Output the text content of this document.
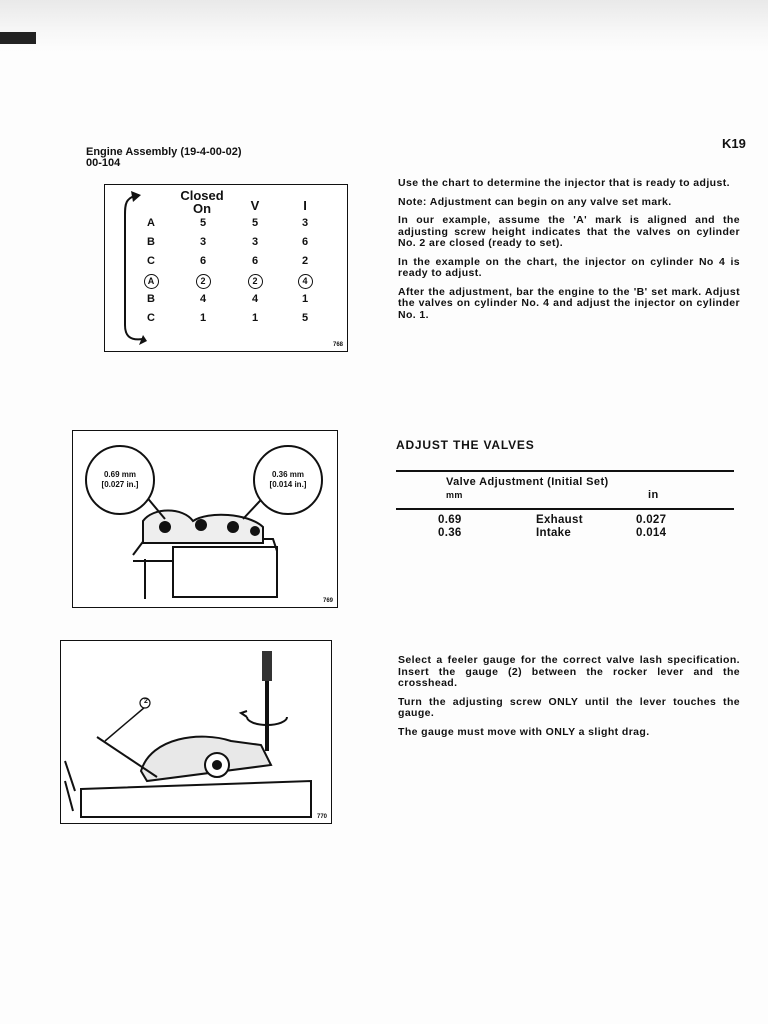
Engine Assembly (19-4-00-02)
00-104
K19
Closed
On	V	I
A	5	5	3
B	3	3	6
C	6	6	2
A	2	2	4
B	4	4	1
C	1	1	5
768
0.69 mm
[0.027 in.]
0.36 mm
[0.014 in.]
769
2
770

Use the chart to determine the injector that is ready to adjust.

Note: Adjustment can begin on any valve set mark.

In our example, assume the 'A' mark is aligned and the adjusting screw height indicates that the valves on cylinder No. 2 are closed (ready to set).

In the example on the chart, the injector on cylinder No 4 is ready to adjust.

After the adjustment, bar the engine to the 'B' set mark. Adjust the valves on cylinder No. 4 and adjust the injector on cylinder No. 1.

ADJUST THE VALVES
Valve Adjustment (Initial Set)
mm	in
0.69	Exhaust	0.027
0.36	Intake	0.014

Select a feeler gauge for the correct valve lash specification. Insert the gauge (2) between the rocker lever and the crosshead.

Turn the adjusting screw ONLY until the lever touches the gauge.

The gauge must move with ONLY a slight drag.
